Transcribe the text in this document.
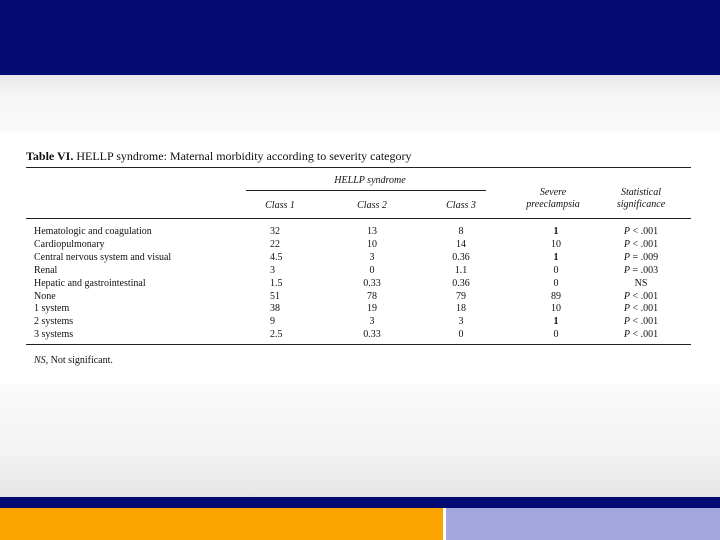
Table VI. HELLP syndrome: Maternal morbidity according to severity category
HELLP syndrome
Class 1	Class 2	Class 3
Severe
preeclampsia
Statistical
significance
Hematologic and coagulation	32	13	8	1	P < .001
Cardiopulmonary	22	10	14	10	P < .001
Central nervous system and visual	4.5	3	0.36	1	P = .009
Renal	3	0	1.1	0	P = .003
Hepatic and gastrointestinal	1.5	0.33	0.36	0	NS
None	51	78	79	89	P < .001
1 system	38	19	18	10	P < .001
2 systems	9	3	3	1	P < .001
3 systems	2.5	0.33	0	0	P < .001
NS, Not significant.
